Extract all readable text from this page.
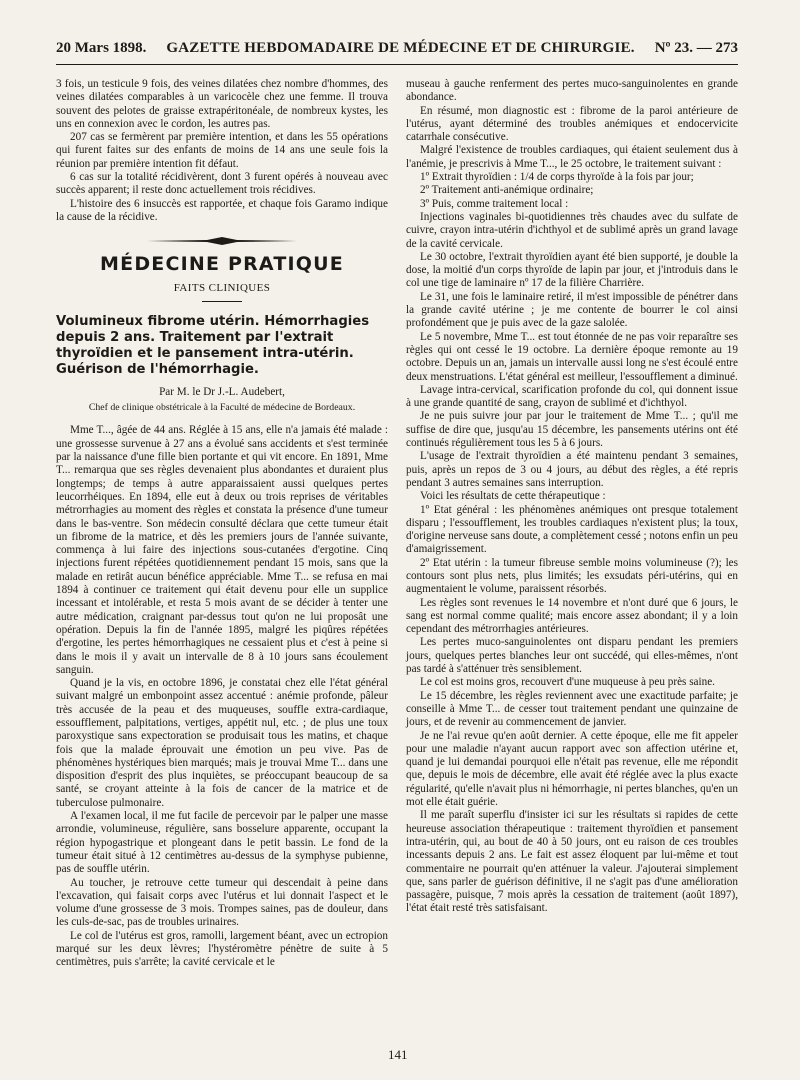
20 Mars 1898. GAZETTE HEBDOMADAIRE DE MÉDECINE ET DE CHIRURGIE. Nº 23. — 273

3 fois, un testicule 9 fois, des veines dilatées chez nombre d'hommes, des veines dilatées comparables à un varicocèle chez une femme. Il trouva souvent des pelotes de graisse extrapéritonéale, de nombreux kystes, les uns en connexion avec le cordon, les autres pas.

207 cas se fermèrent par première intention, et dans les 55 opérations qui furent faites sur des enfants de moins de 14 ans une seule fois la réunion par première intention fit défaut.

6 cas sur la totalité récidivèrent, dont 3 furent opérés à nouveau avec succès apparent; il reste donc actuellement trois récidives.

L'histoire des 6 insuccès est rapportée, et chaque fois Garamo indique la cause de la récidive.

MÉDECINE PRATIQUE
FAITS CLINIQUES
Volumineux fibrome utérin. Hémorrhagies depuis 2 ans. Traitement par l'extrait thyroïdien et le pansement intra-utérin. Guérison de l'hémorrhagie.
Par M. le Dr J.-L. Audebert,
Chef de clinique obstétricale à la Faculté de médecine de Bordeaux.

Mme T..., âgée de 44 ans. Réglée à 15 ans, elle n'a jamais été malade : une grossesse survenue à 27 ans a évolué sans accidents et s'est terminée par la naissance d'une fille bien portante et qui vit encore. En 1891, Mme T... remarqua que ses règles devenaient plus abondantes et duraient plus longtemps; de temps à autre apparaissaient aussi quelques pertes leucorrhéiques. En 1894, elle eut à deux ou trois reprises de véritables métrorrhagies au moment des règles et constata la présence d'une tumeur dans le bas-ventre. Son médecin consulté déclara que cette tumeur était un fibrome de la matrice, et dès les premiers jours de l'année suivante, commença à lui faire des injections sous-cutanées d'ergotine. Cinq injections furent répétées quotidiennement pendant 15 mois, sans que la malade en retirât aucun bénéfice appréciable. Mme T... se refusa en mai 1894 à continuer ce traitement qui était devenu pour elle un supplice incessant et intolérable, et resta 5 mois avant de se décider à tenter une autre médication, craignant par-dessus tout qu'on ne lui proposât une opération. Depuis la fin de l'année 1895, malgré les piqûres répétées d'ergotine, les pertes hémorrhagiques ne cessaient plus et c'est à peine si dans le mois il y avait un intervalle de 8 à 10 jours sans écoulement sanguin.

Quand je la vis, en octobre 1896, je constatai chez elle l'état général suivant malgré un embonpoint assez accentué : anémie profonde, pâleur très accusée de la peau et des muqueuses, souffle extra-cardiaque, essoufflement, palpitations, vertiges, appétit nul, etc. ; de plus une toux paroxystique sans expectoration se produisait tous les matins, et chaque fois que la malade éprouvait une émotion un peu vive. Pas de phénomènes hystériques bien marqués; mais je trouvai Mme T... dans une disposition d'esprit des plus inquiètes, se préoccupant beaucoup de sa santé, se croyant atteinte à la fois de cancer de la matrice et de tuberculose pulmonaire.

A l'examen local, il me fut facile de percevoir par le palper une masse arrondie, volumineuse, régulière, sans bosselure apparente, occupant la région hypogastrique et plongeant dans le petit bassin. Le fond de la tumeur était situé à 12 centimètres au-dessus de la symphyse pubienne, pas de souffle utérin.

Au toucher, je retrouve cette tumeur qui descendait à peine dans l'excavation, qui faisait corps avec l'utérus et lui donnait l'aspect et le volume d'une grossesse de 3 mois. Trompes saines, pas de douleur, dans les culs-de-sac, pas de troubles urinaires.

Le col de l'utérus est gros, ramolli, largement béant, avec un ectropion marqué sur les deux lèvres; l'hystéromètre pénètre de suite à 5 centimètres, puis s'arrête; la cavité cervicale et le

museau à gauche renferment des pertes muco-sanguinolentes en grande abondance.

En résumé, mon diagnostic est : fibrome de la paroi antérieure de l'utérus, ayant déterminé des troubles anémiques et endocervicite catarrhale consécutive.

Malgré l'existence de troubles cardiaques, qui étaient seulement dus à l'anémie, je prescrivis à Mme T..., le 25 octobre, le traitement suivant :

1º Extrait thyroïdien : 1/4 de corps thyroïde à la fois par jour;

2º Traitement anti-anémique ordinaire;

3º Puis, comme traitement local :

Injections vaginales bi-quotidiennes très chaudes avec du sulfate de cuivre, crayon intra-utérin d'ichthyol et de sublimé après un grand lavage de la cavité cervicale.

Le 30 octobre, l'extrait thyroïdien ayant été bien supporté, je double la dose, la moitié d'un corps thyroïde de lapin par jour, et j'introduis dans le col une tige de laminaire nº 17 de la filière Charrière.

Le 31, une fois le laminaire retiré, il m'est impossible de pénétrer dans la grande cavité utérine ; je me contente de bourrer le col ainsi profondément que je puis avec de la gaze salolée.

Le 5 novembre, Mme T... est tout étonnée de ne pas voir reparaître ses règles qui ont cessé le 19 octobre. La dernière époque remonte au 19 octobre. Depuis un an, jamais un intervalle aussi long ne s'est écoulé entre deux menstruations. L'état général est meilleur, l'essoufflement a diminué.

Lavage intra-cervical, scarification profonde du col, qui donnent issue à une grande quantité de sang, crayon de sublimé et d'ichthyol.

Je ne puis suivre jour par jour le traitement de Mme T... ; qu'il me suffise de dire que, jusqu'au 15 décembre, les pansements utérins ont été continués régulièrement tous les 5 à 6 jours.

L'usage de l'extrait thyroïdien a été maintenu pendant 3 semaines, puis, après un repos de 3 ou 4 jours, au début des règles, a été repris pendant 3 autres semaines sans interruption.

Voici les résultats de cette thérapeutique :

1º Etat général : les phénomènes anémiques ont presque totalement disparu ; l'essoufflement, les troubles cardiaques n'existent plus; la toux, d'origine nerveuse sans doute, a complètement cessé ; notons enfin un peu d'amaigrissement.

2º Etat utérin : la tumeur fibreuse semble moins volumineuse (?); les contours sont plus nets, plus limités; les exsudats péri-utérins, qui en augmentaient le volume, paraissent résorbés.

Les règles sont revenues le 14 novembre et n'ont duré que 6 jours, le sang est normal comme qualité; mais encore assez abondant; il y a loin cependant des métrorrhagies antérieures.

Les pertes muco-sanguinolentes ont disparu pendant les premiers jours, quelques pertes blanches leur ont succédé, qui elles-mêmes, n'ont pas tardé à s'atténuer très sensiblement.

Le col est moins gros, recouvert d'une muqueuse à peu près saine.

Le 15 décembre, les règles reviennent avec une exactitude parfaite; je conseille à Mme T... de cesser tout traitement pendant une quinzaine de jours, et de revenir au commencement de janvier.

Je ne l'ai revue qu'en août dernier. A cette époque, elle me fit appeler pour une maladie n'ayant aucun rapport avec son affection utérine et, quand je lui demandai pourquoi elle n'était pas revenue, elle me répondit que, depuis le mois de décembre, elle avait été réglée avec la plus exacte régularité, qu'elle n'avait plus ni hémorrhagie, ni pertes blanches, qu'en un mot elle était guérie.

Il me paraît superflu d'insister ici sur les résultats si rapides de cette heureuse association thérapeutique : traitement thyroïdien et pansement intra-utérin, qui, au bout de 40 à 50 jours, ont eu raison de ces troubles incessants depuis 2 ans. Le fait est assez éloquent par lui-même et tout commentaire ne pourrait qu'en atténuer la valeur. J'ajouterai simplement que, sans parler de guérison définitive, il ne s'agit pas d'une amélioration passagère, puisque, 7 mois après la cessation de traitement (août 1897), l'état était resté très satisfaisant.

141
